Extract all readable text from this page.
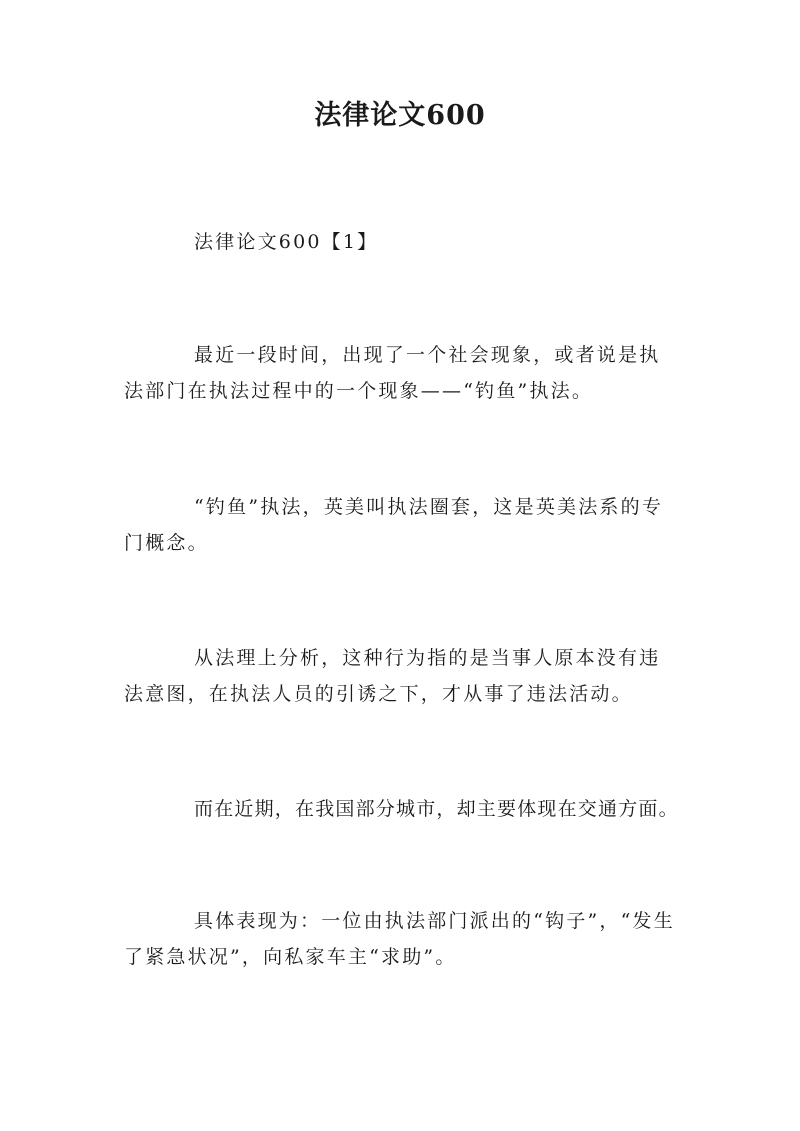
法律论文600

法律论文600【1】

最近一段时间，出现了一个社会现象，或者说是执法部门在执法过程中的一个现象——“钓鱼”执法。

“钓鱼”执法，英美叫执法圈套，这是英美法系的专门概念。

从法理上分析，这种行为指的是当事人原本没有违法意图，在执法人员的引诱之下，才从事了违法活动。

而在近期，在我国部分城市，却主要体现在交通方面。

具体表现为：一位由执法部门派出的“钩子”，“发生了紧急状况”，向私家车主“求助”。
